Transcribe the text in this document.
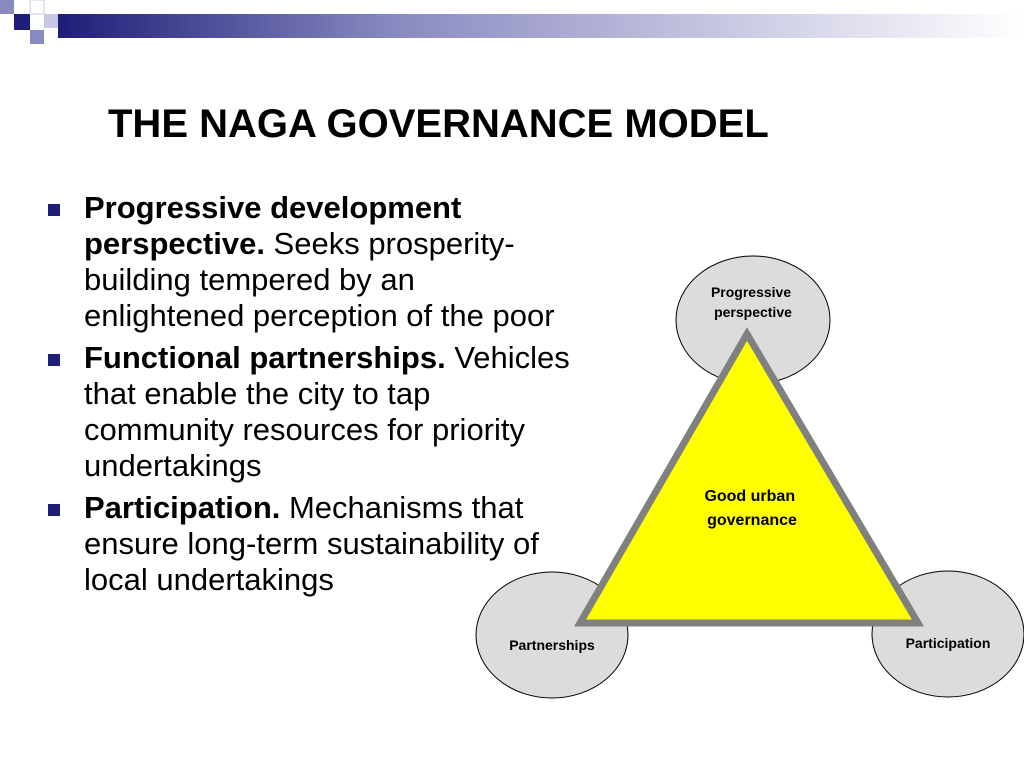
THE NAGA GOVERNANCE MODEL
Progressive development perspective. Seeks prosperity-building tempered by an enlightened perception of the poor
Functional partnerships. Vehicles that enable the city to tap community resources for priority undertakings
Participation. Mechanisms that ensure long-term sustainability of local undertakings
Progressive perspective
Partnerships	Participation
Good urban governance
